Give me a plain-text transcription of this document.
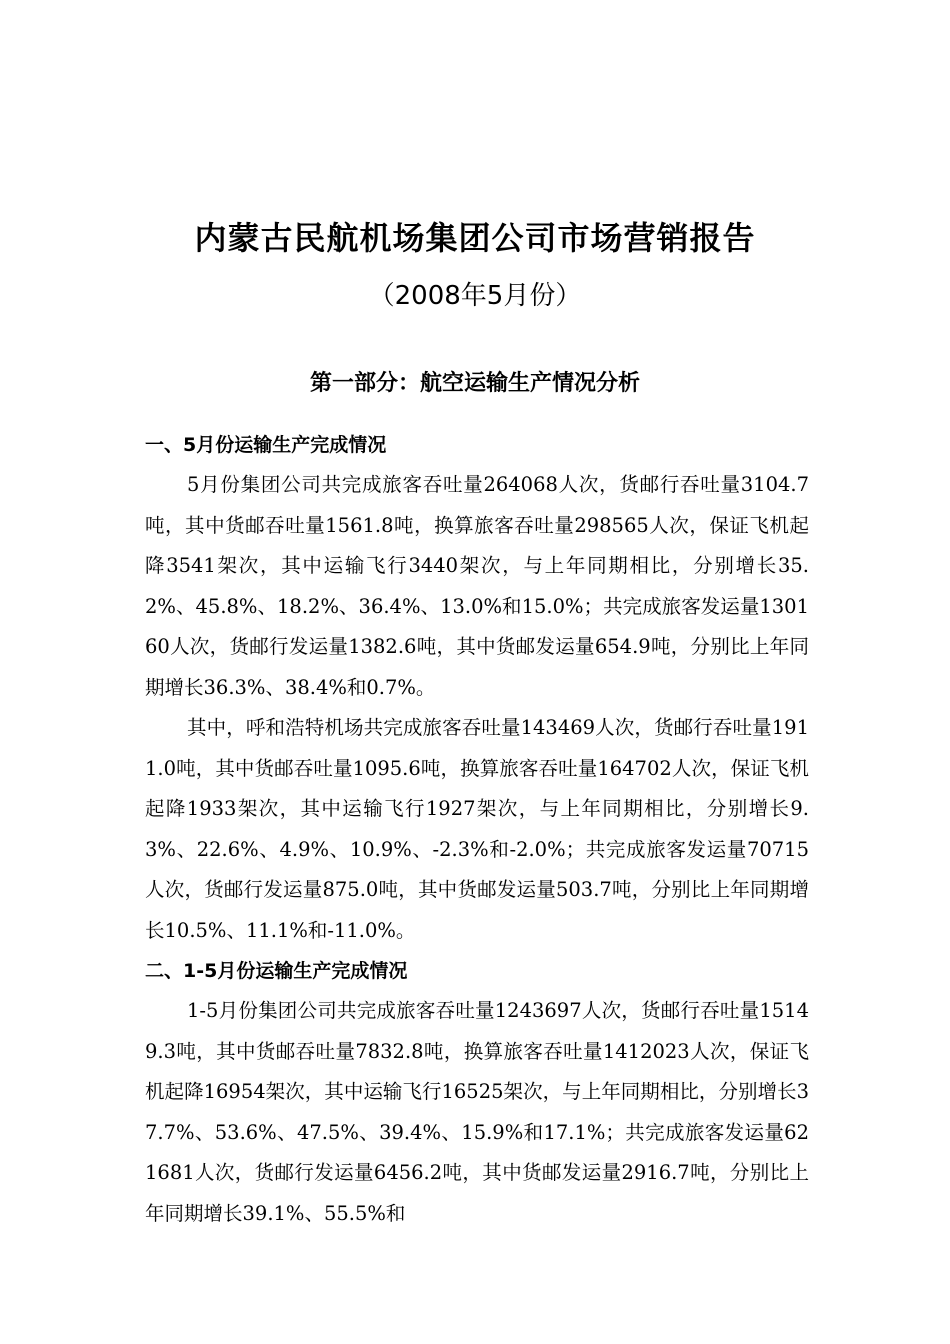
内蒙古民航机场集团公司市场营销报告
（2008年5月份）
第一部分：航空运输生产情况分析
一、5月份运输生产完成情况

5月份集团公司共完成旅客吞吐量264068人次，货邮行吞吐量3104.7吨，其中货邮吞吐量1561.8吨，换算旅客吞吐量298565人次，保证飞机起降3541架次，其中运输飞行3440架次，与上年同期相比，分别增长35.2%、45.8%、18.2%、36.4%、13.0%和15.0%；共完成旅客发运量130160人次，货邮行发运量1382.6吨，其中货邮发运量654.9吨，分别比上年同期增长36.3%、38.4%和0.7%。

其中，呼和浩特机场共完成旅客吞吐量143469人次，货邮行吞吐量1911.0吨，其中货邮吞吐量1095.6吨，换算旅客吞吐量164702人次，保证飞机起降1933架次，其中运输飞行1927架次，与上年同期相比，分别增长9.3%、22.6%、4.9%、10.9%、-2.3%和-2.0%；共完成旅客发运量70715人次，货邮行发运量875.0吨，其中货邮发运量503.7吨，分别比上年同期增长10.5%、11.1%和-11.0%。

二、1-5月份运输生产完成情况

1-5月份集团公司共完成旅客吞吐量1243697人次，货邮行吞吐量15149.3吨，其中货邮吞吐量7832.8吨，换算旅客吞吐量1412023人次，保证飞机起降16954架次，其中运输飞行16525架次，与上年同期相比，分别增长37.7%、53.6%、47.5%、39.4%、15.9%和17.1%；共完成旅客发运量621681人次，货邮行发运量6456.2吨，其中货邮发运量2916.7吨，分别比上年同期增长39.1%、55.5%和
